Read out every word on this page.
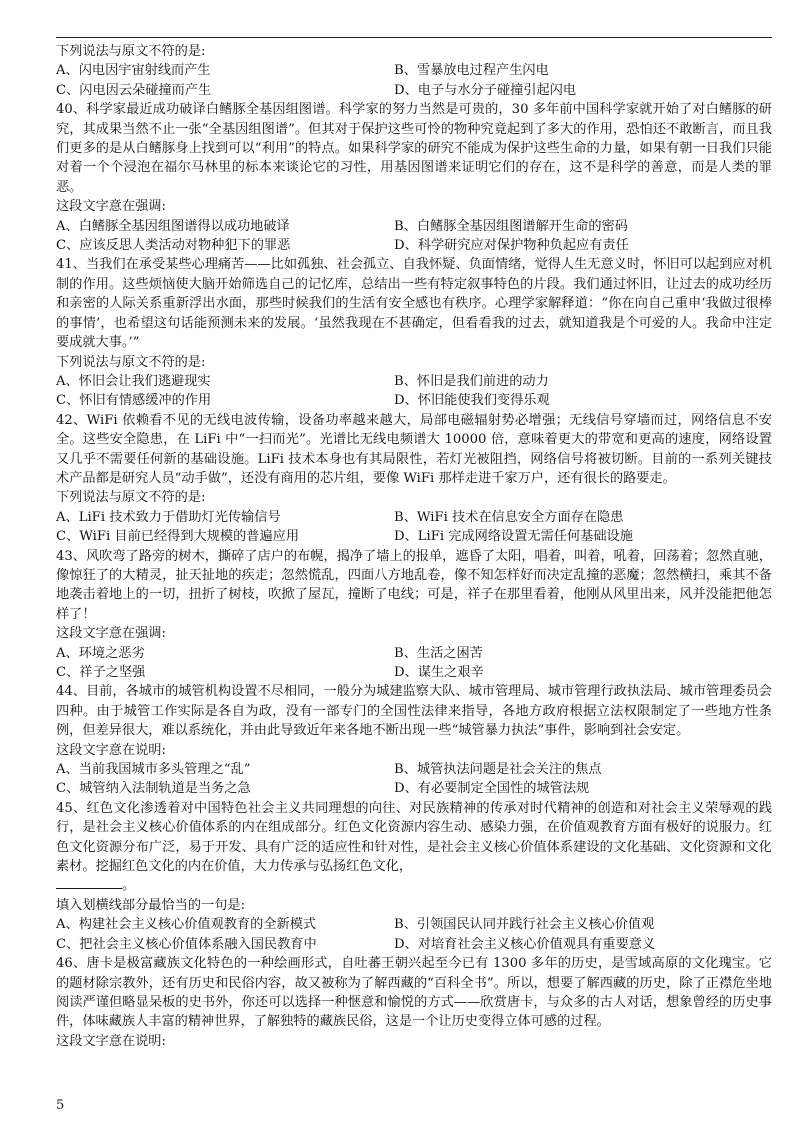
下列说法与原文不符的是:

A、闪电因宇宙射线而产生	B、雪暴放电过程产生闪电
C、闪电因云朵碰撞而产生	D、电子与水分子碰撞引起闪电

40、科学家最近成功破译白鳍豚全基因组图谱。科学家的努力当然是可贵的，30 多年前中国科学家就开始了对白鳍豚的研究，其成果当然不止一张“全基因组图谱”。但其对于保护这些可怜的物种究竟起到了多大的作用，恐怕还不敢断言，而且我们更多的是从白鳍豚身上找到可以“利用”的特点。如果科学家的研究不能成为保护这些生命的力量，如果有朝一日我们只能对着一个个浸泡在福尔马林里的标本来谈论它的习性，用基因图谱来证明它们的存在，这不是科学的善意，而是人类的罪恶。

这段文字意在强调:

A、白鳍豚全基因组图谱得以成功地破译	B、白鳍豚全基因组图谱解开生命的密码
C、应该反思人类活动对物种犯下的罪恶	D、科学研究应对保护物种负起应有责任

41、当我们在承受某些心理痛苦——比如孤独、社会孤立、自我怀疑、负面情绪，觉得人生无意义时，怀旧可以起到应对机制的作用。这些烦恼使大脑开始筛选自己的记忆库，总结出一些有特定叙事特色的片段。我们通过怀旧，让过去的成功经历和亲密的人际关系重新浮出水面，那些时候我们的生活有安全感也有秩序。心理学家解释道：“你在向自己重申‘我做过很棒的事情’，也希望这句话能预测未来的发展。‘虽然我现在不甚确定，但看看我的过去，就知道我是个可爱的人。我命中注定要成就大事。’”

下列说法与原文不符的是:

A、怀旧会让我们逃避现实	B、怀旧是我们前进的动力
C、怀旧有情感缓冲的作用	D、怀旧能使我们变得乐观

42、WiFi 依赖看不见的无线电波传输，设备功率越来越大，局部电磁辐射势必增强；无线信号穿墙而过，网络信息不安全。这些安全隐患，在 LiFi 中“一扫而光”。光谱比无线电频谱大 10000 倍，意味着更大的带宽和更高的速度，网络设置又几乎不需要任何新的基础设施。LiFi 技术本身也有其局限性，若灯光被阻挡，网络信号将被切断。目前的一系列关键技术产品都是研究人员“动手做”，还没有商用的芯片组，要像 WiFi 那样走进千家万户，还有很长的路要走。

下列说法与原文不符的是:

A、LiFi 技术致力于借助灯光传输信号	B、WiFi 技术在信息安全方面存在隐患
C、WiFi 目前已经得到大规模的普遍应用	D、LiFi 完成网络设置无需任何基础设施

43、风吹弯了路旁的树木，撕碎了店户的布幌，揭净了墙上的报单，遮昏了太阳，唱着，叫着，吼着，回荡着；忽然直驰，像惊狂了的大精灵，扯天扯地的疾走；忽然慌乱，四面八方地乱卷，像不知怎样好而决定乱撞的恶魔；忽然横扫，乘其不备地袭击着地上的一切，扭折了树枝，吹掀了屋瓦，撞断了电线；可是，祥子在那里看着，他刚从风里出来，风并没能把他怎样了！

这段文字意在强调:

A、环境之恶劣	B、生活之困苦
C、祥子之坚强	D、谋生之艰辛

44、目前，各城市的城管机构设置不尽相同，一般分为城建监察大队、城市管理局、城市管理行政执法局、城市管理委员会四种。由于城管工作实际是各自为政，没有一部专门的全国性法律来指导，各地方政府根据立法权限制定了一些地方性条例，但差异很大，难以系统化，并由此导致近年来各地不断出现一些“城管暴力执法”事件，影响到社会安定。

这段文字意在说明:

A、当前我国城市多头管理之“乱”	B、城管执法问题是社会关注的焦点
C、城管纳入法制轨道是当务之急	D、有必要制定全国性的城管法规

45、红色文化渗透着对中国特色社会主义共同理想的向往、对民族精神的传承对时代精神的创造和对社会主义荣辱观的践行，是社会主义核心价值体系的内在组成部分。红色文化资源内容生动、感染力强，在价值观教育方面有极好的说服力。红色文化资源分布广泛，易于开发、具有广泛的适应性和针对性，是社会主义核心价值体系建设的文化基础、文化资源和文化素材。挖掘红色文化的内在价值，大力传承与弘扬红色文化，

。

填入划横线部分最恰当的一句是:

A、构建社会主义核心价值观教育的全新模式	B、引领国民认同并践行社会主义核心价值观
C、把社会主义核心价值体系融入国民教育中	D、对培育社会主义核心价值观具有重要意义

46、唐卡是极富藏族文化特色的一种绘画形式，自吐蕃王朝兴起至今已有 1300 多年的历史，是雪域高原的文化瑰宝。它的题材除宗教外，还有历史和民俗内容，故又被称为了解西藏的“百科全书”。所以，想要了解西藏的历史，除了正襟危坐地阅读严谨但略显呆板的史书外，你还可以选择一种惬意和愉悦的方式——欣赏唐卡，与众多的古人对话，想象曾经的历史事件，体味藏族人丰富的精神世界，了解独特的藏族民俗，这是一个让历史变得立体可感的过程。

这段文字意在说明:

5
